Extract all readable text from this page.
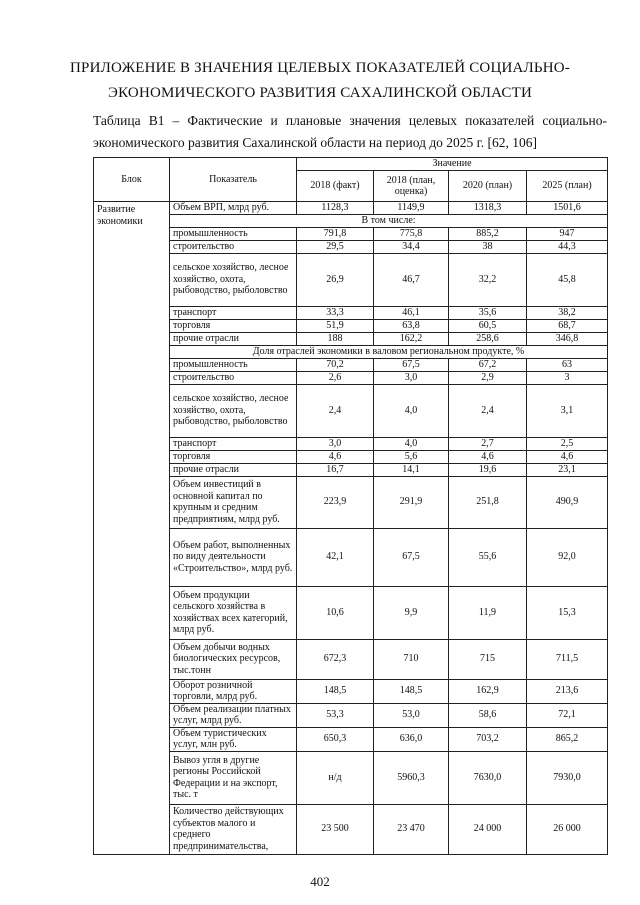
ПРИЛОЖЕНИЕ В ЗНАЧЕНИЯ ЦЕЛЕВЫХ ПОКАЗАТЕЛЕЙ СОЦИАЛЬНО-
ЭКОНОМИЧЕСКОГО РАЗВИТИЯ САХАЛИНСКОЙ ОБЛАСТИ
Таблица В1 – Фактические и плановые значения целевых показателей социально-экономического развития Сахалинской области на период до 2025 г. [62, 106]
Блок	Показатель	Значение			
		2018 (факт)	2018 (план, оценка)	2020 (план)	2025 (план)
Развитие экономики	Объем ВРП, млрд руб.	1128,3	1149,9	1318,3	1501,6
	В том числе:				
	промышленность	791,8	775,8	885,2	947
	строительство	29,5	34,4	38	44,3
	сельское хозяйство, лесное хозяйство, охота, рыбоводство, рыболовство	26,9	46,7	32,2	45,8
	транспорт	33,3	46,1	35,6	38,2
	торговля	51,9	63,8	60,5	68,7
	прочие отрасли	188	162,2	258,6	346,8
	Доля отраслей экономики в валовом региональном продукте, %				
	промышленность	70,2	67,5	67,2	63
	строительство	2,6	3,0	2,9	3
	сельское хозяйство, лесное хозяйство, охота, рыбоводство, рыболовство	2,4	4,0	2,4	3,1
	транспорт	3,0	4,0	2,7	2,5
	торговля	4,6	5,6	4,6	4,6
	прочие отрасли	16,7	14,1	19,6	23,1
	Объем инвестиций в основной капитал по крупным и средним предприятиям, млрд руб.	223,9	291,9	251,8	490,9
	Объем работ, выполненных по виду деятельности «Строительство», млрд руб.	42,1	67,5	55,6	92,0
	Объем продукции сельского хозяйства в хозяйствах всех категорий, млрд руб.	10,6	9,9	11,9	15,3
	Объем добычи водных биологических ресурсов, тыс.тонн	672,3	710	715	711,5
	Оборот розничной торговли, млрд руб.	148,5	148,5	162,9	213,6
	Объем реализации платных услуг, млрд руб.	53,3	53,0	58,6	72,1
	Объем туристических услуг, млн руб.	650,3	636,0	703,2	865,2
	Вывоз угля в другие регионы Российской Федерации и на экспорт, тыс. т	н/д	5960,3	7630,0	7930,0
	Количество действующих субъектов малого и среднего предпринимательства,	23 500	23 470	24 000	26 000
402
